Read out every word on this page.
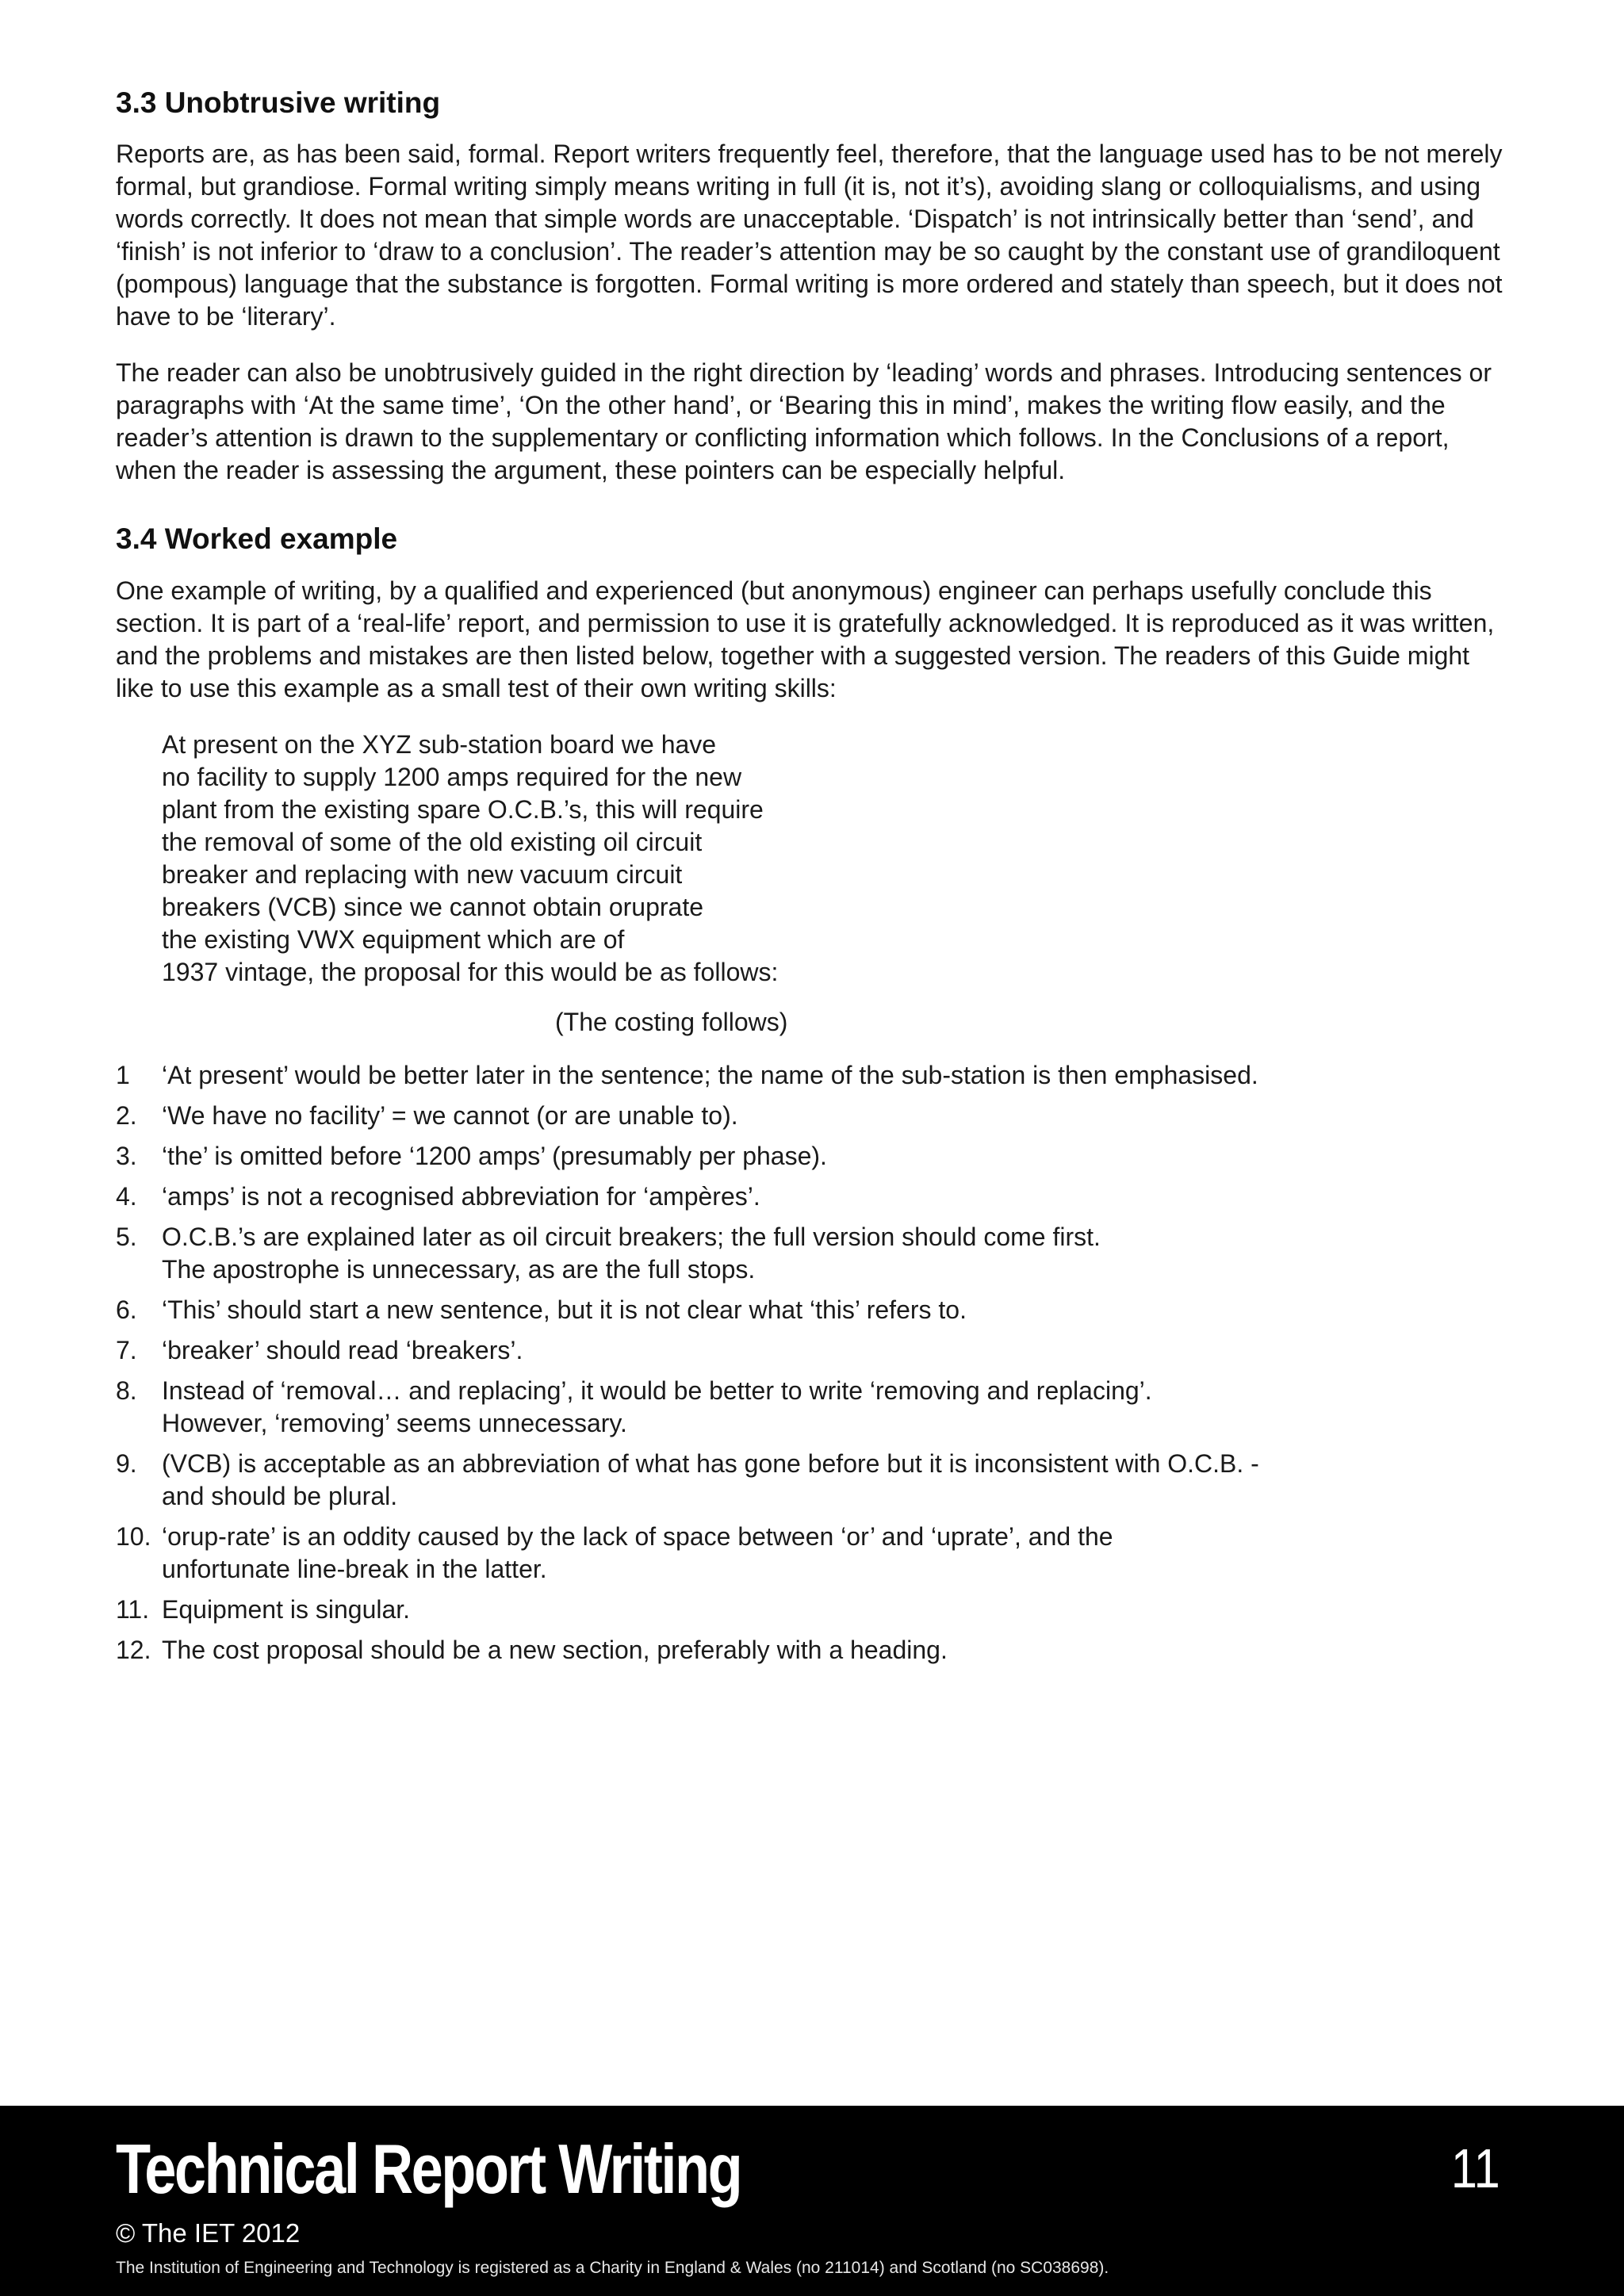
3.3 Unobtrusive writing

Reports are, as has been said, formal. Report writers frequently feel, therefore, that the language used has to be not merely formal, but grandiose. Formal writing simply means writing in full (it is, not it’s), avoiding slang or colloquialisms, and using words correctly. It does not mean that simple words are unacceptable. ‘Dispatch’ is not intrinsically better than ‘send’, and ‘finish’ is not inferior to ‘draw to a conclusion’. The reader’s attention may be so caught by the constant use of grandiloquent (pompous) language that the substance is forgotten. Formal writing is more ordered and stately than speech, but it does not have to be ‘literary’.

The reader can also be unobtrusively guided in the right direction by ‘leading’ words and phrases. Introducing sentences or paragraphs with ‘At the same time’, ‘On the other hand’, or ‘Bearing this in mind’, makes the writing flow easily, and the reader’s attention is drawn to the supplementary or conflicting information which follows. In the Conclusions of a report, when the reader is assessing the argument, these pointers can be especially helpful.

3.4 Worked example

One example of writing, by a qualified and experienced (but anonymous) engineer can perhaps usefully conclude this section. It is part of a ‘real-life’ report, and permission to use it is gratefully acknowledged. It is reproduced as it was written, and the problems and mistakes are then listed below, together with a suggested version. The readers of this Guide might like to use this example as a small test of their own writing skills:

At present on the XYZ sub-station board we have
no facility to supply 1200 amps required for the new
plant from the existing spare O.C.B.’s, this will require
the removal of some of the old existing oil circuit
breaker and replacing with new vacuum circuit
breakers (VCB) since we cannot obtain oruprate
the existing VWX equipment which are of
1937 vintage, the proposal for this would be as follows:
(The costing follows)
1	‘At present’ would be better later in the sentence; the name of the sub-station is then emphasised.
2. ‘We have no facility’ = we cannot (or are unable to).
3. ‘the’ is omitted before ‘1200 amps’ (presumably per phase).
4. ‘amps’ is not a recognised abbreviation for ‘ampères’.
5. O.C.B.’s are explained later as oil circuit breakers; the full version should come first.
The apostrophe is unnecessary, as are the full stops.
6. ‘This’ should start a new sentence, but it is not clear what ‘this’ refers to.
7. ‘breaker’ should read ‘breakers’.
8. Instead of ‘removal… and replacing’, it would be better to write ‘removing and replacing’.
However, ‘removing’ seems unnecessary.
9. (VCB) is acceptable as an abbreviation of what has gone before but it is inconsistent with O.C.B. -
and should be plural.
10. ‘orup-rate’ is an oddity caused by the lack of space between ‘or’ and ‘uprate’, and the
unfortunate line-break in the latter.
11. Equipment is singular.
12. The cost proposal should be a new section, preferably with a heading.
Technical Report Writing	11
© The IET 2012
The Institution of Engineering and Technology is registered as a Charity in England & Wales (no 211014) and Scotland (no SC038698).
